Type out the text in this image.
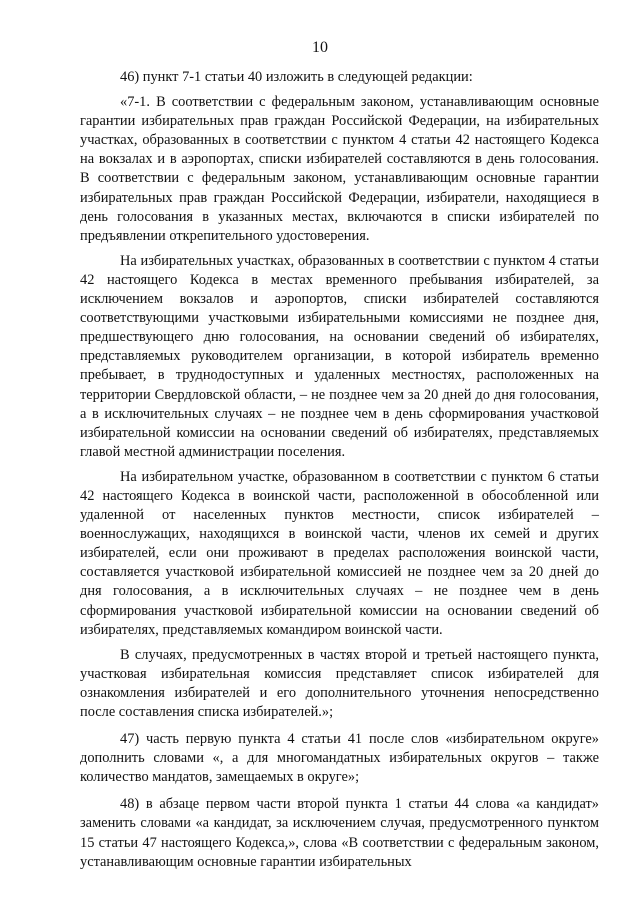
10

46) пункт 7-1 статьи 40 изложить в следующей редакции:

«7-1. В соответствии с федеральным законом, устанавливающим основные гарантии избирательных прав граждан Российской Федерации, на избирательных участках, образованных в соответствии с пунктом 4 статьи 42 настоящего Кодекса на вокзалах и в аэропортах, списки избирателей составляются в день голосования. В соответствии с федеральным законом, устанавливающим основные гарантии избирательных прав граждан Российской Федерации, избиратели, находящиеся в день голосования в указанных местах, включаются в списки избирателей по предъявлении открепительного удостоверения.

На избирательных участках, образованных в соответствии с пунктом 4 статьи 42 настоящего Кодекса в местах временного пребывания избирателей, за исключением вокзалов и аэропортов, списки избирателей составляются соответствующими участковыми избирательными комиссиями не позднее дня, предшествующего дню голосования, на основании сведений об избирателях, представляемых руководителем организации, в которой избиратель временно пребывает, в труднодоступных и удаленных местностях, расположенных на территории Свердловской области, – не позднее чем за 20 дней до дня голосования, а в исключительных случаях – не позднее чем в день сформирования участковой избирательной комиссии на основании сведений об избирателях, представляемых главой местной администрации поселения.

На избирательном участке, образованном в соответствии с пунктом 6 статьи 42 настоящего Кодекса в воинской части, расположенной в обособленной или удаленной от населенных пунктов местности, список избирателей – военнослужащих, находящихся в воинской части, членов их семей и других избирателей, если они проживают в пределах расположения воинской части, составляется участковой избирательной комиссией не позднее чем за 20 дней до дня голосования, а в исключительных случаях – не позднее чем в день сформирования участковой избирательной комиссии на основании сведений об избирателях, представляемых командиром воинской части.

В случаях, предусмотренных в частях второй и третьей настоящего пункта, участковая избирательная комиссия представляет список избирателей для ознакомления избирателей и его дополнительного уточнения непосредственно после составления списка избирателей.»;

47) часть первую пункта 4 статьи 41 после слов «избирательном округе» дополнить словами «, а для многомандатных избирательных округов – также количество мандатов, замещаемых в округе»;

48) в абзаце первом части второй пункта 1 статьи 44 слова «а кандидат» заменить словами «а кандидат, за исключением случая, предусмотренного пунктом 15 статьи 47 настоящего Кодекса,», слова «В соответствии с федеральным законом, устанавливающим основные гарантии избирательных
